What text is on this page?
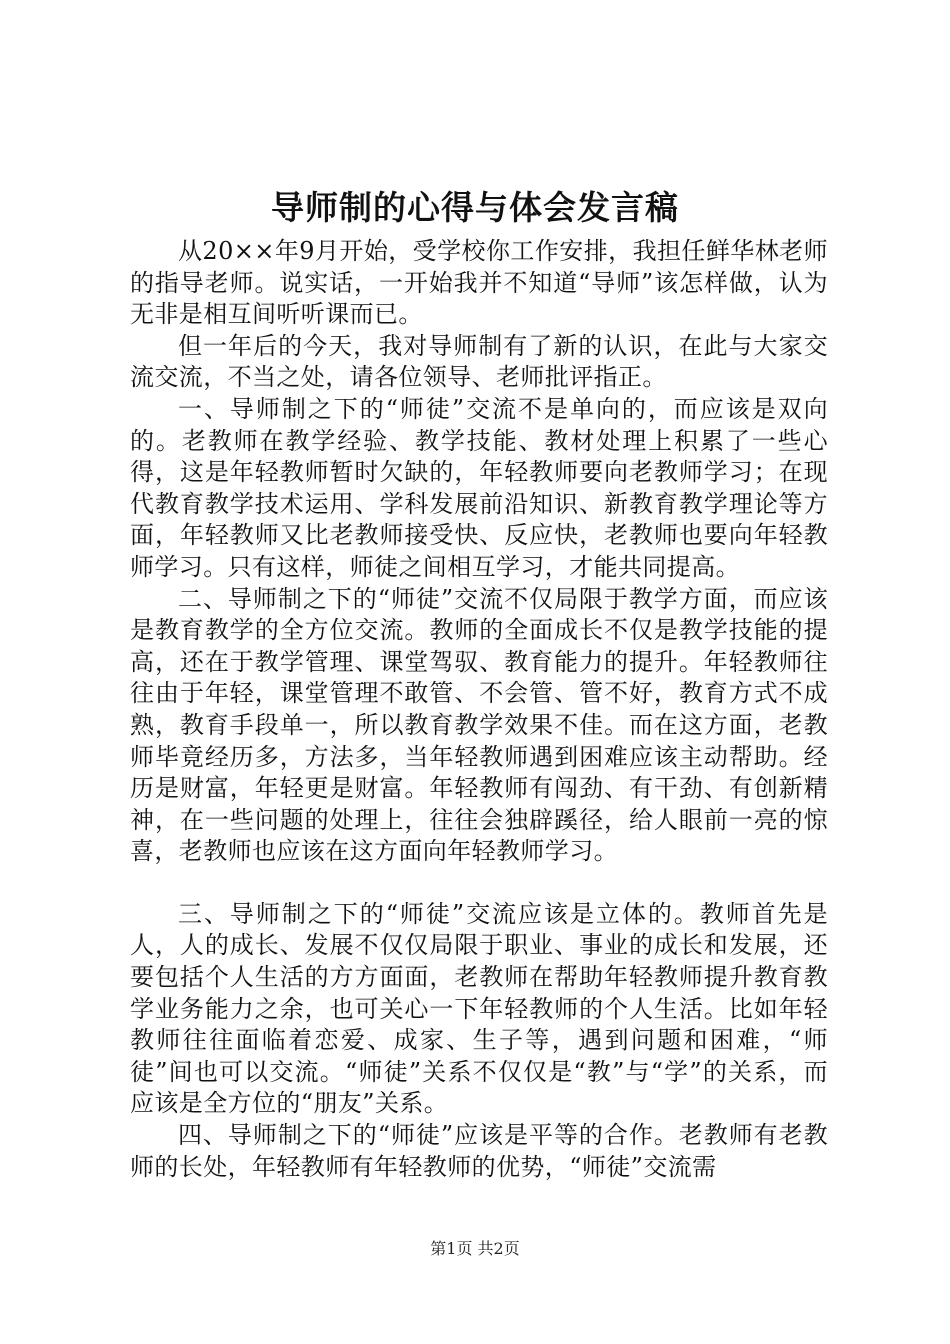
导师制的心得与体会发言稿

从20××年9月开始，受学校你工作安排，我担任鲜华林老师的指导老师。说实话，一开始我并不知道“导师”该怎样做，认为无非是相互间听听课而已。

但一年后的今天，我对导师制有了新的认识，在此与大家交流交流，不当之处，请各位领导、老师批评指正。

一、导师制之下的“师徒”交流不是单向的，而应该是双向的。老教师在教学经验、教学技能、教材处理上积累了一些心得，这是年轻教师暂时欠缺的，年轻教师要向老教师学习；在现代教育教学技术运用、学科发展前沿知识、新教育教学理论等方面，年轻教师又比老教师接受快、反应快，老教师也要向年轻教师学习。只有这样，师徒之间相互学习，才能共同提高。

二、导师制之下的“师徒”交流不仅局限于教学方面，而应该是教育教学的全方位交流。教师的全面成长不仅是教学技能的提高，还在于教学管理、课堂驾驭、教育能力的提升。年轻教师往往由于年轻，课堂管理不敢管、不会管、管不好，教育方式不成熟，教育手段单一，所以教育教学效果不佳。而在这方面，老教师毕竟经历多，方法多，当年轻教师遇到困难应该主动帮助。经历是财富，年轻更是财富。年轻教师有闯劲、有干劲、有创新精神，在一些问题的处理上，往往会独辟蹊径，给人眼前一亮的惊喜，老教师也应该在这方面向年轻教师学习。

三、导师制之下的“师徒”交流应该是立体的。教师首先是人，人的成长、发展不仅仅局限于职业、事业的成长和发展，还要包括个人生活的方方面面，老教师在帮助年轻教师提升教育教学业务能力之余，也可关心一下年轻教师的个人生活。比如年轻教师往往面临着恋爱、成家、生子等，遇到问题和困难，“师徒”间也可以交流。“师徒”关系不仅仅是“教”与“学”的关系，而应该是全方位的“朋友”关系。

四、导师制之下的“师徒”应该是平等的合作。老教师有老教师的长处，年轻教师有年轻教师的优势，“师徒”交流需

第1页 共2页
